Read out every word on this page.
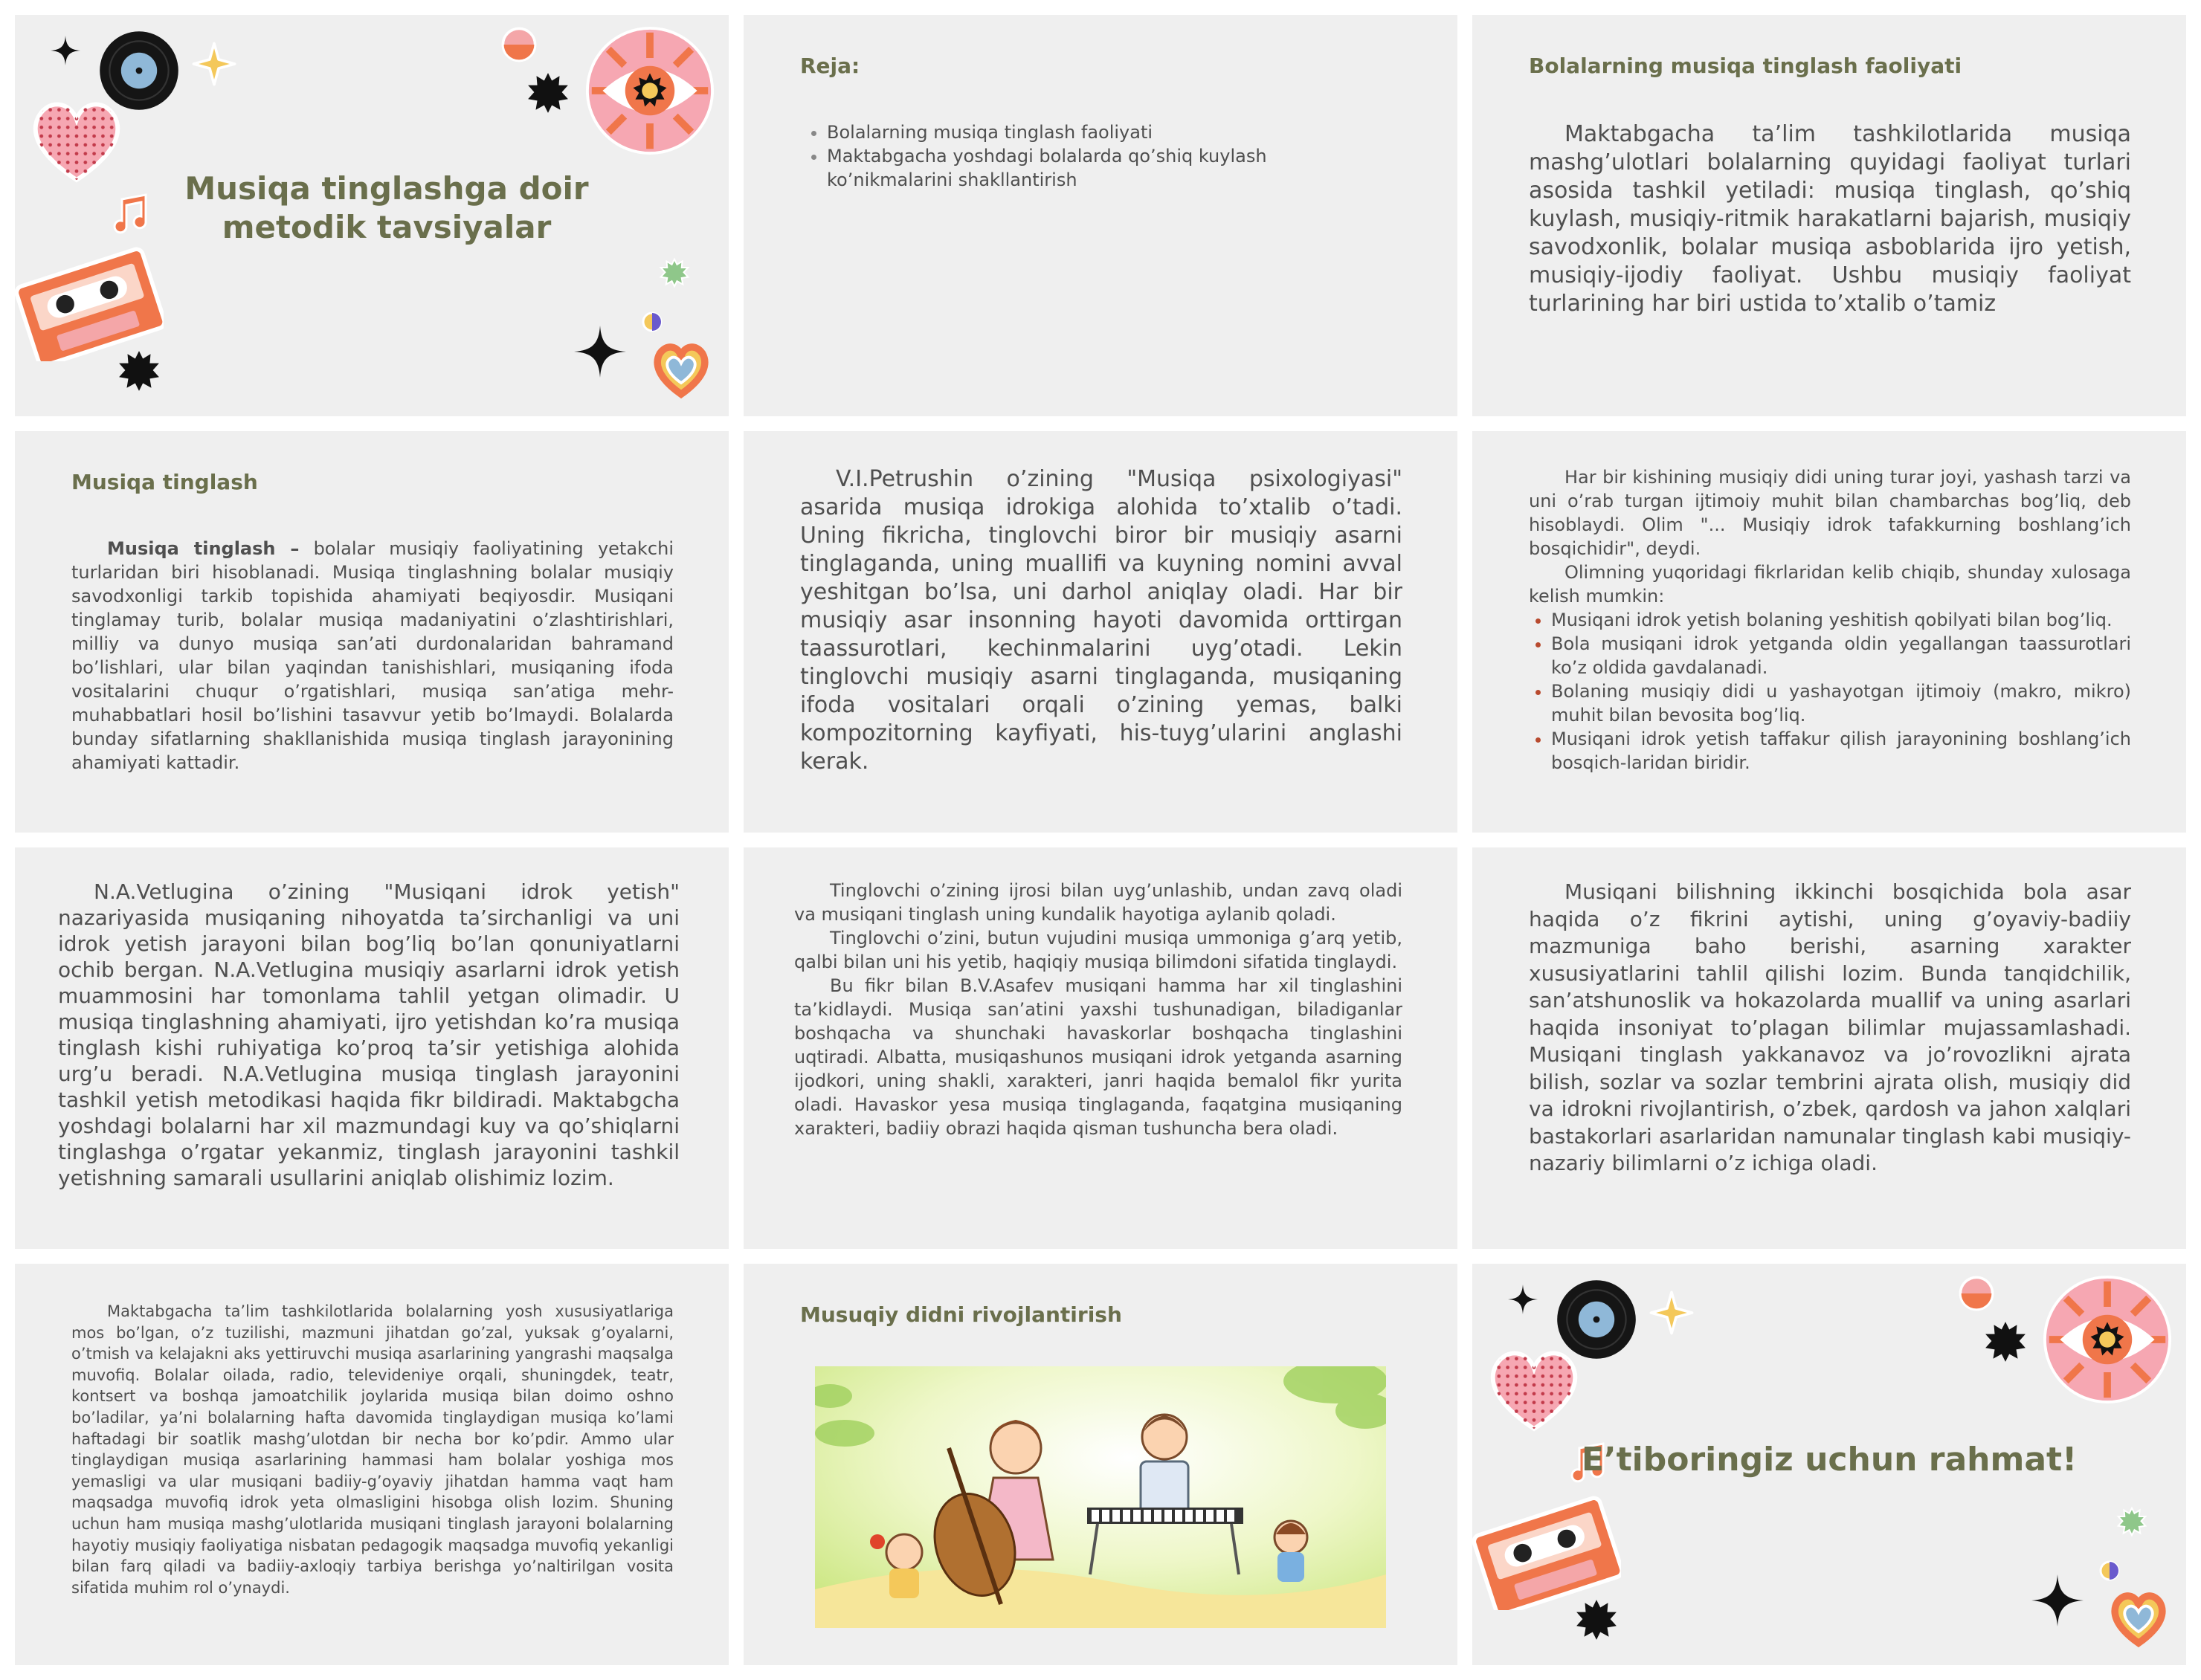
Musiqa tinglashga doir
metodik tavsiyalar
Reja:
• Bolalarning musiqa tinglash faoliyati
• Maktabgacha yoshdagi bolalarda qo’shiq kuylash ko’nikmalarini shakllantirish
Bolalarning musiqa tinglash faoliyati

Maktabgacha ta’lim tashkilotlarida musiqa mashg’ulotlari bolalarning quyidagi faoliyat turlari asosida tashkil yetiladi: musiqa tinglash, qo’shiq kuylash, musiqiy-ritmik harakatlarni bajarish, musiqiy savodxonlik, bolalar musiqa asboblarida ijro yetish, musiqiy-ijodiy faoliyat. Ushbu musiqiy faoliyat turlarining har biri ustida to’xtalib o’tamiz

Musiqa tinglash

Musiqa tinglash – bolalar musiqiy faoliyatining yetakchi turlaridan biri hisoblanadi. Musiqa tinglashning bolalar musiqiy savodxonligi tarkib topishida ahamiyati beqiyosdir. Musiqani tinglamay turib, bolalar musiqa madaniyatini o’zlashtirishlari, milliy va dunyo musiqa san’ati durdonalaridan bahramand bo’lishlari, ular bilan yaqindan tanishishlari, musiqaning ifoda vositalarini chuqur o’rgatishlari, musiqa san’atiga mehr-muhabbatlari hosil bo’lishini tasavvur yetib bo’lmaydi. Bolalarda bunday sifatlarning shakllanishida musiqa tinglash jarayonining ahamiyati kattadir.

V.I.Petrushin o’zining "Musiqa psixologiyasi" asarida musiqa idrokiga alohida to’xtalib o’tadi. Uning fikricha, tinglovchi biror bir musiqiy asarni tinglaganda, uning muallifi va kuyning nomini avval yeshitgan bo’lsa, uni darhol aniqlay oladi. Har bir musiqiy asar insonning hayoti davomida orttirgan taassurotlari, kechinmalarini uyg’otadi. Lekin tinglovchi musiqiy asarni tinglaganda, musiqaning ifoda vositalari orqali o’zining yemas, balki kompozitorning kayfiyati, his-tuyg’ularini anglashi kerak.

Har bir kishining musiqiy didi uning turar joyi, yashash tarzi va uni o’rab turgan ijtimoiy muhit bilan chambarchas bog’liq, deb hisoblaydi. Olim "... Musiqiy idrok tafakkurning boshlang’ich bosqichidir", deydi.

Olimning yuqoridagi fikrlaridan kelib chiqib, shunday xulosaga kelish mumkin:

• Musiqani idrok yetish bolaning yeshitish qobilyati bilan bog’liq.
• Bola musiqani idrok yetganda oldin yegallangan taassurotlari ko’z oldida gavdalanadi.
• Bolaning musiqiy didi u yashayotgan ijtimoiy (makro, mikro) muhit bilan bevosita bog’liq.
• Musiqani idrok yetish taffakur qilish jarayonining boshlang’ich bosqich-laridan biridir.

N.A.Vetlugina o’zining "Musiqani idrok yetish" nazariyasida musiqaning nihoyatda ta’sirchanligi va uni idrok yetish jarayoni bilan bog’liq bo’lan qonuniyatlarni ochib bergan. N.A.Vetlugina musiqiy asarlarni idrok yetish muammosini har tomonlama tahlil yetgan olimadir. U musiqa tinglashning ahamiyati, ijro yetishdan ko’ra musiqa tinglash kishi ruhiyatiga ko’proq ta’sir yetishiga alohida urg’u beradi. N.A.Vetlugina musiqa tinglash jarayonini tashkil yetish metodikasi haqida fikr bildiradi. Maktabgcha yoshdagi bolalarni har xil mazmundagi kuy va qo’shiqlarni tinglashga o’rgatar yekanmiz, tinglash jarayonini tashkil yetishning samarali usullarini aniqlab olishimiz lozim.

Tinglovchi o’zining ijrosi bilan uyg’unlashib, undan zavq oladi va musiqani tinglash uning kundalik hayotiga aylanib qoladi.

Tinglovchi o’zini, butun vujudini musiqa ummoniga g’arq yetib, qalbi bilan uni his yetib, haqiqiy musiqa bilimdoni sifatida tinglaydi.

Bu fikr bilan B.V.Asafev musiqani hamma har xil tinglashini ta’kidlaydi. Musiqa san’atini yaxshi tushunadigan, biladiganlar boshqacha va shunchaki havaskorlar boshqacha tinglashini uqtiradi. Albatta, musiqashunos musiqani idrok yetganda asarning ijodkori, uning shakli, xarakteri, janri haqida bemalol fikr yurita oladi. Havaskor yesa musiqa tinglaganda, faqatgina musiqaning xarakteri, badiiy obrazi haqida qisman tushuncha bera oladi.

Musiqani bilishning ikkinchi bosqichida bola asar haqida o’z fikrini aytishi, uning g’oyaviy-badiiy mazmuniga baho berishi, asarning xarakter xususiyatlarini tahlil qilishi lozim. Bunda tanqidchilik, san’atshunoslik va hokazolarda muallif va uning asarlari haqida insoniyat to’plagan bilimlar mujassamlashadi. Musiqani tinglash yakkanavoz va jo’rovozlikni ajrata bilish, sozlar va sozlar tembrini ajrata olish, musiqiy did va idrokni rivojlantirish, o’zbek, qardosh va jahon xalqlari bastakorlari asarlaridan namunalar tinglash kabi musiqiy-nazariy bilimlarni o’z ichiga oladi.

Maktabgacha ta’lim tashkilotlarida bolalarning yosh xususiyatlariga mos bo’lgan, o’z tuzilishi, mazmuni jihatdan go’zal, yuksak g’oyalarni, o’tmish va kelajakni aks yettiruvchi musiqa asarlarining yangrashi maqsalga muvofiq. Bolalar oilada, radio, televideniye orqali, shuningdek, teatr, kontsert va boshqa jamoatchilik joylarida musiqa bilan doimo oshno bo’ladilar, ya’ni bolalarning hafta davomida tinglaydigan musiqa ko’lami haftadagi bir soatlik mashg’ulotdan bir necha bor ko’pdir. Ammo ular tinglaydigan musiqa asarlarining hammasi ham bolalar yoshiga mos yemasligi va ular musiqani badiiy-g’oyaviy jihatdan hamma vaqt ham maqsadga muvofiq idrok yeta olmasligini hisobga olish lozim. Shuning uchun ham musiqa mashg’ulotlarida musiqani tinglash jarayoni bolalarning hayotiy musiqiy faoliyatiga nisbatan pedagogik maqsadga muvofiq yekanligi bilan farq qiladi va badiiy-axloqiy tarbiya berishga yo’naltirilgan vosita sifatida muhim rol o’ynaydi.

Musuqiy didni rivojlantirish
E’tiboringiz uchun rahmat!
